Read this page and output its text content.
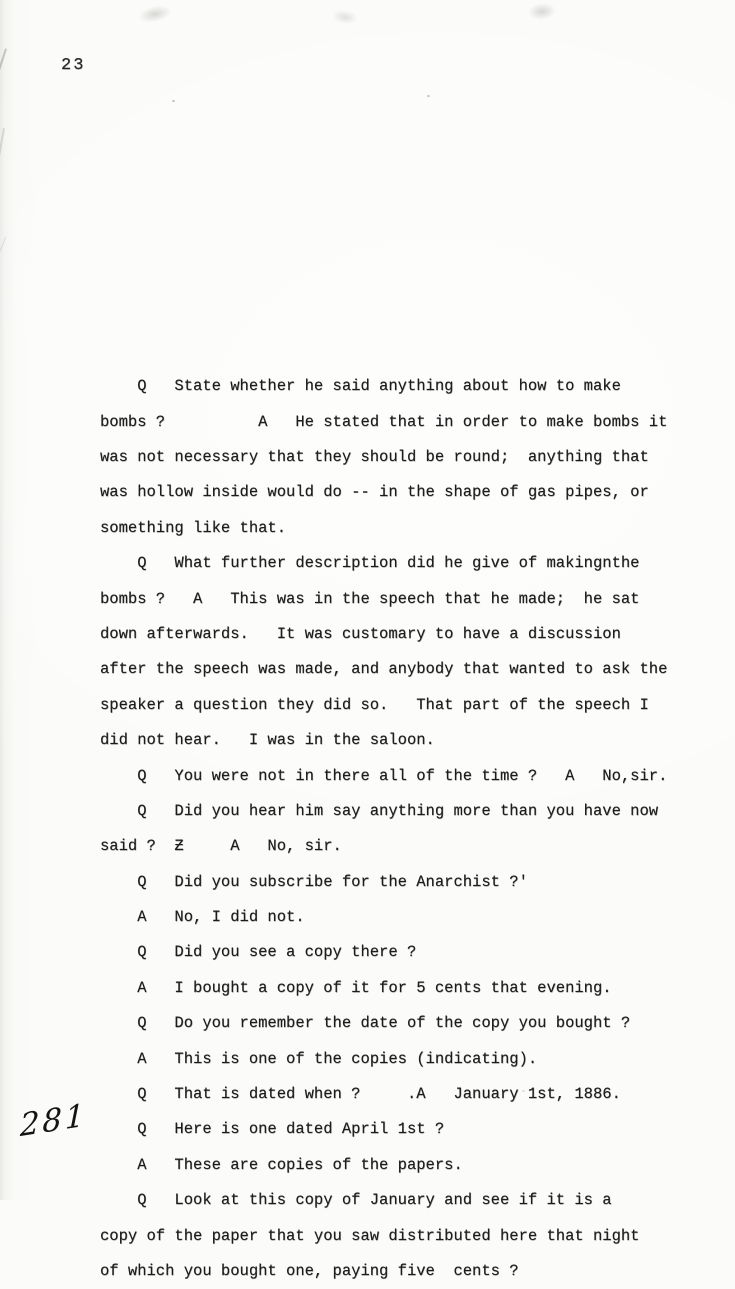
23

Q   State whether he said anything about how to make
bombs ?          A   He stated that in order to make bombs it
was not necessary that they should be round;  anything that
was hollow inside would do -- in the shape of gas pipes, or
something like that.
Q   What further description did he give of makingnthe
bombs ?   A   This was in the speech that he made;  he sat
down afterwards.   It was customary to have a discussion
after the speech was made, and anybody that wanted to ask the
speaker a question they did so.   That part of the speech I
did not hear.   I was in the saloon.
Q   You were not in there all of the time ?   A   No,sir.
Q   Did you hear him say anything more than you have now
said ?  Ƶ     A   No, sir.
Q   Did you subscribe for the Anarchist ?'
A   No, I did not.
Q   Did you see a copy there ?
A   I bought a copy of it for 5 cents that evening.
Q   Do you remember the date of the copy you bought ?
A   This is one of the copies (indicating).
Q   That is dated when ?     .A   January 1st, 1886.
Q   Here is one dated April 1st ?
A   These are copies of the papers.
Q   Look at this copy of January and see if it is a
copy of the paper that you saw distributed here that night
of which you bought one, paying five  cents ?
281
